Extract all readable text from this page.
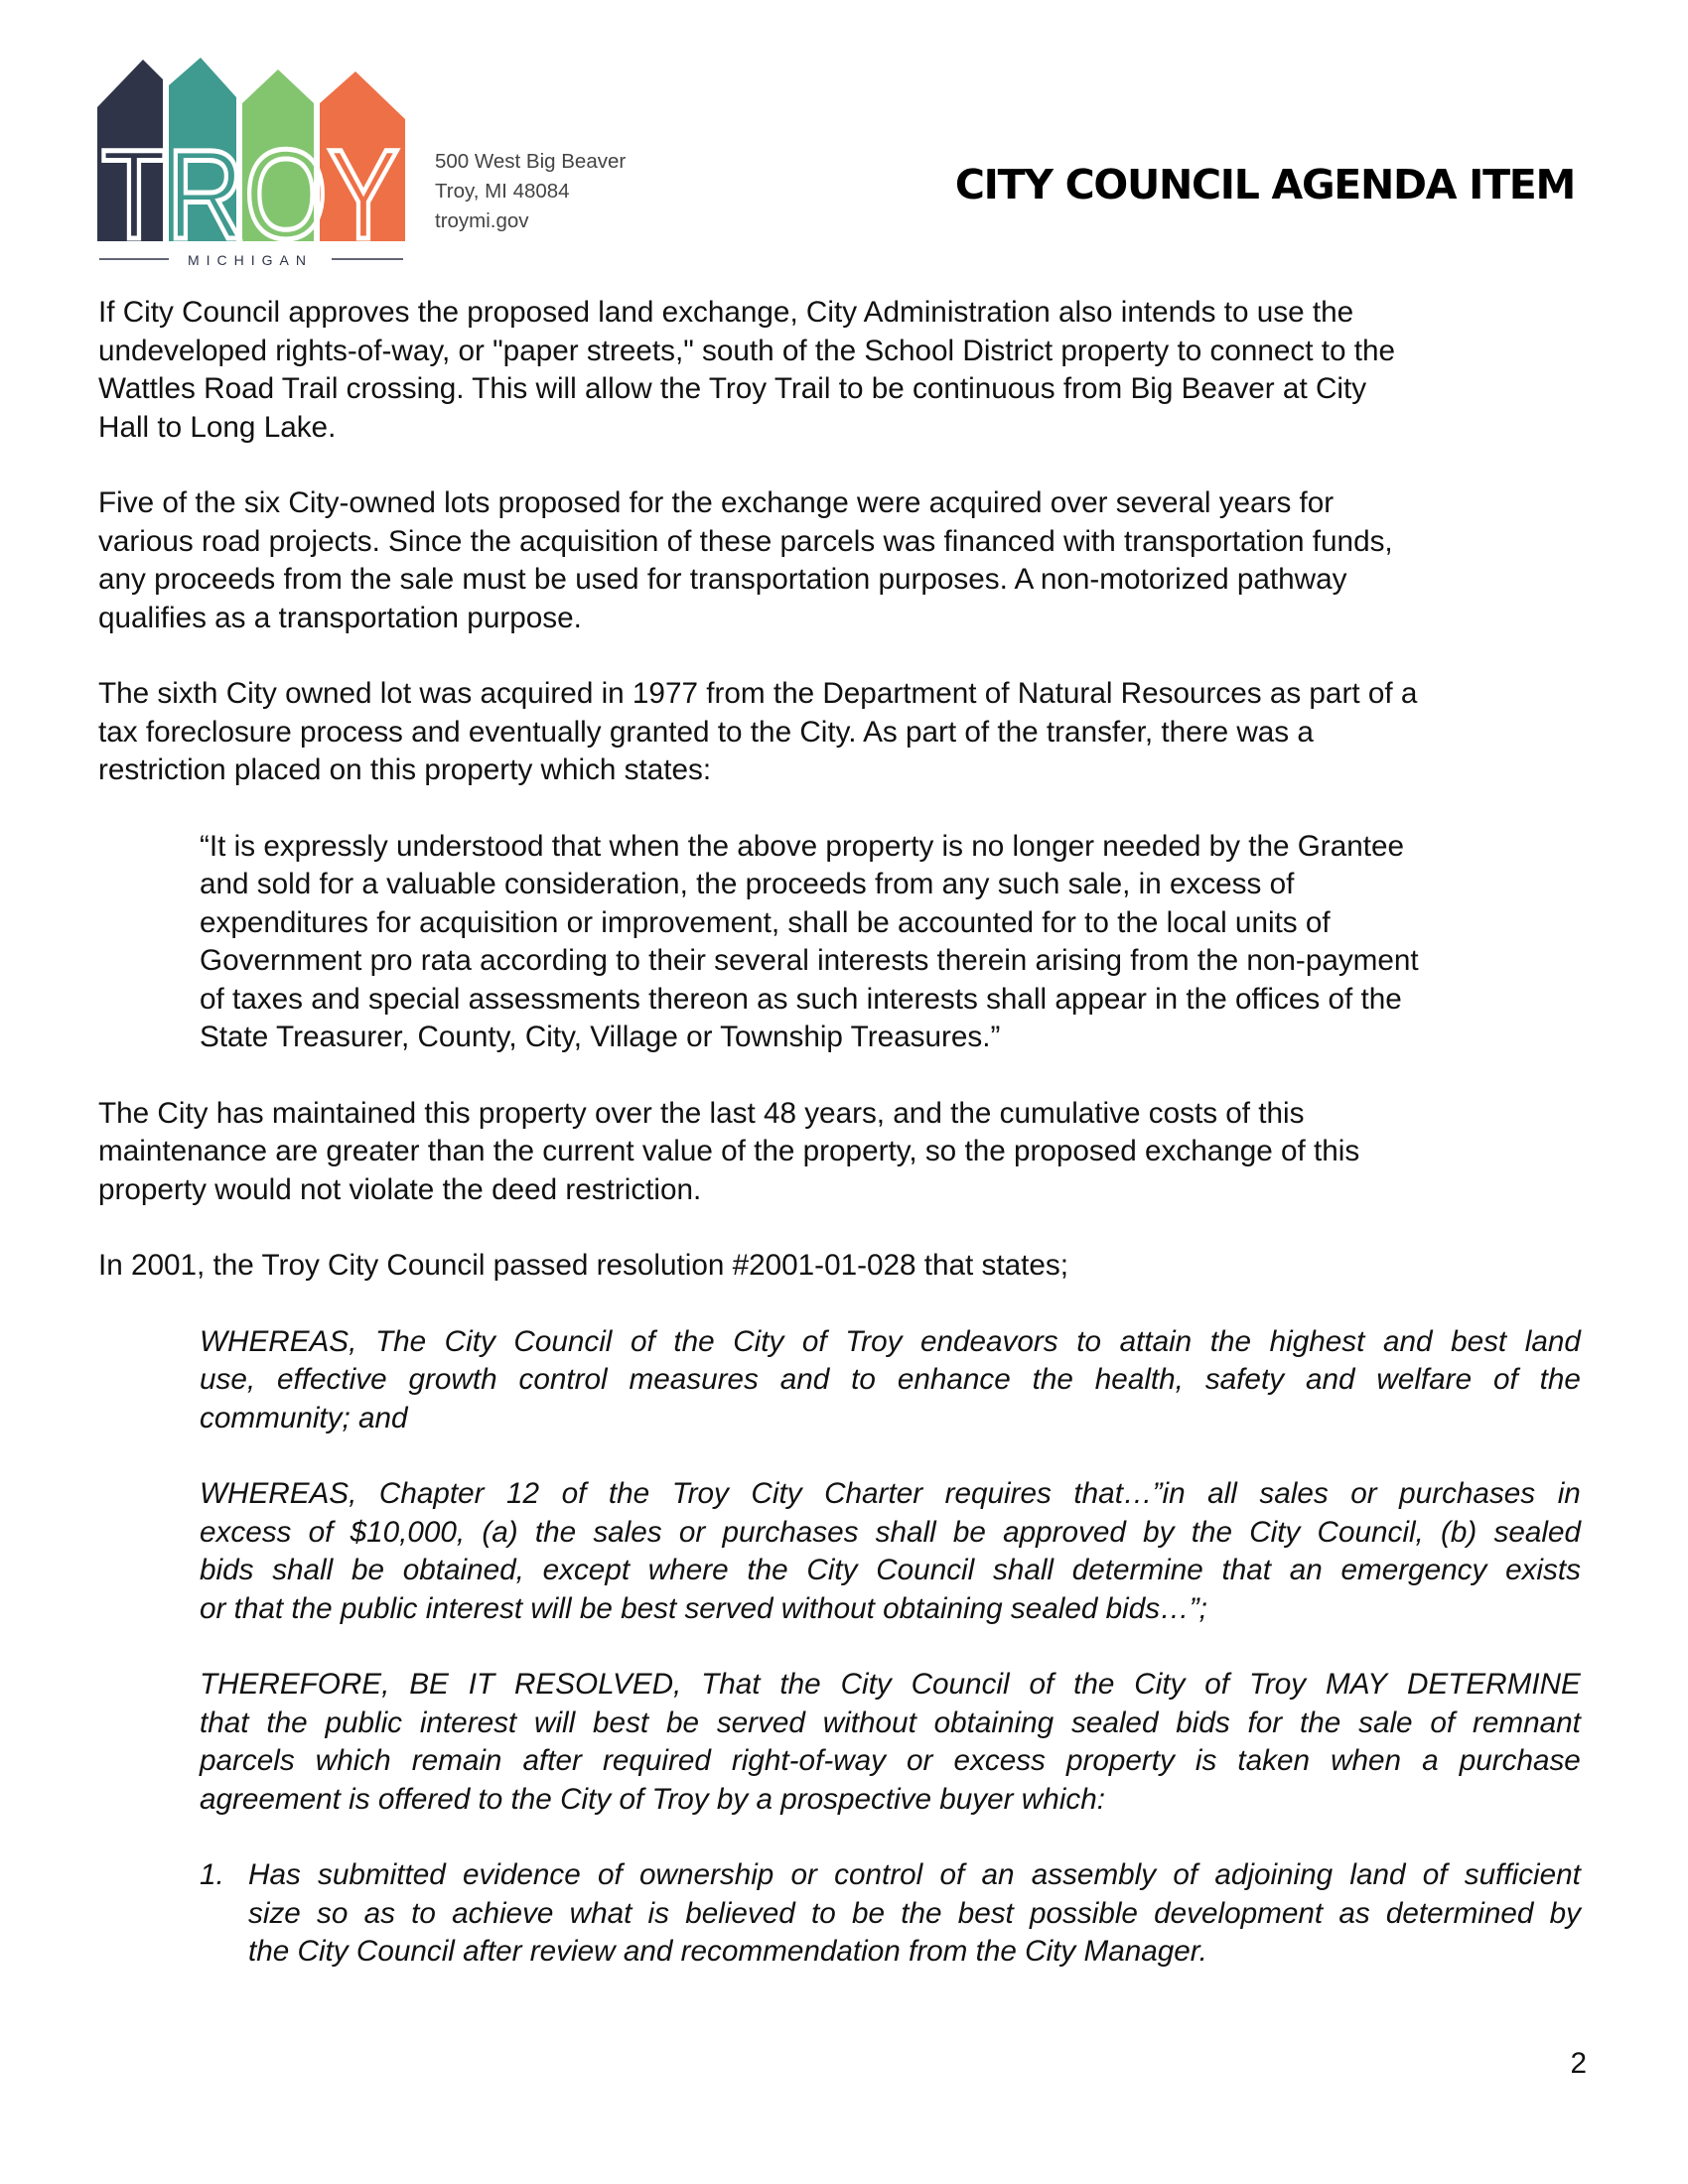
TROY
MICHIGAN
500 West Big Beaver
Troy, MI 48084
troymi.gov
CITY COUNCIL AGENDA ITEM
If City Council approves the proposed land exchange, City Administration also intends to use the
undeveloped rights-of-way, or "paper streets," south of the School District property to connect to the
Wattles Road Trail crossing. This will allow the Troy Trail to be continuous from Big Beaver at City
Hall to Long Lake.
Five of the six City-owned lots proposed for the exchange were acquired over several years for
various road projects. Since the acquisition of these parcels was financed with transportation funds,
any proceeds from the sale must be used for transportation purposes. A non-motorized pathway
qualifies as a transportation purpose.
The sixth City owned lot was acquired in 1977 from the Department of Natural Resources as part of a
tax foreclosure process and eventually granted to the City. As part of the transfer, there was a
restriction placed on this property which states:
“It is expressly understood that when the above property is no longer needed by the Grantee
and sold for a valuable consideration, the proceeds from any such sale, in excess of
expenditures for acquisition or improvement, shall be accounted for to the local units of
Government pro rata according to their several interests therein arising from the non-payment
of taxes and special assessments thereon as such interests shall appear in the offices of the
State Treasurer, County, City, Village or Township Treasures.”
The City has maintained this property over the last 48 years, and the cumulative costs of this
maintenance are greater than the current value of the property, so the proposed exchange of this
property would not violate the deed restriction.
In 2001, the Troy City Council passed resolution #2001-01-028 that states;
WHEREAS, The City Council of the City of Troy endeavors to attain the highest and best land
use, effective growth control measures and to enhance the health, safety and welfare of the
community; and
WHEREAS, Chapter 12 of the Troy City Charter requires that…”in all sales or purchases in
excess of $10,000, (a) the sales or purchases shall be approved by the City Council, (b) sealed
bids shall be obtained, except where the City Council shall determine that an emergency exists
or that the public interest will be best served without obtaining sealed bids…”;
THEREFORE, BE IT RESOLVED, That the City Council of the City of Troy MAY DETERMINE
that the public interest will best be served without obtaining sealed bids for the sale of remnant
parcels which remain after required right-of-way or excess property is taken when a purchase
agreement is offered to the City of Troy by a prospective buyer which:
1. Has submitted evidence of ownership or control of an assembly of adjoining land of sufficient
size so as to achieve what is believed to be the best possible development as determined by
the City Council after review and recommendation from the City Manager.
2
